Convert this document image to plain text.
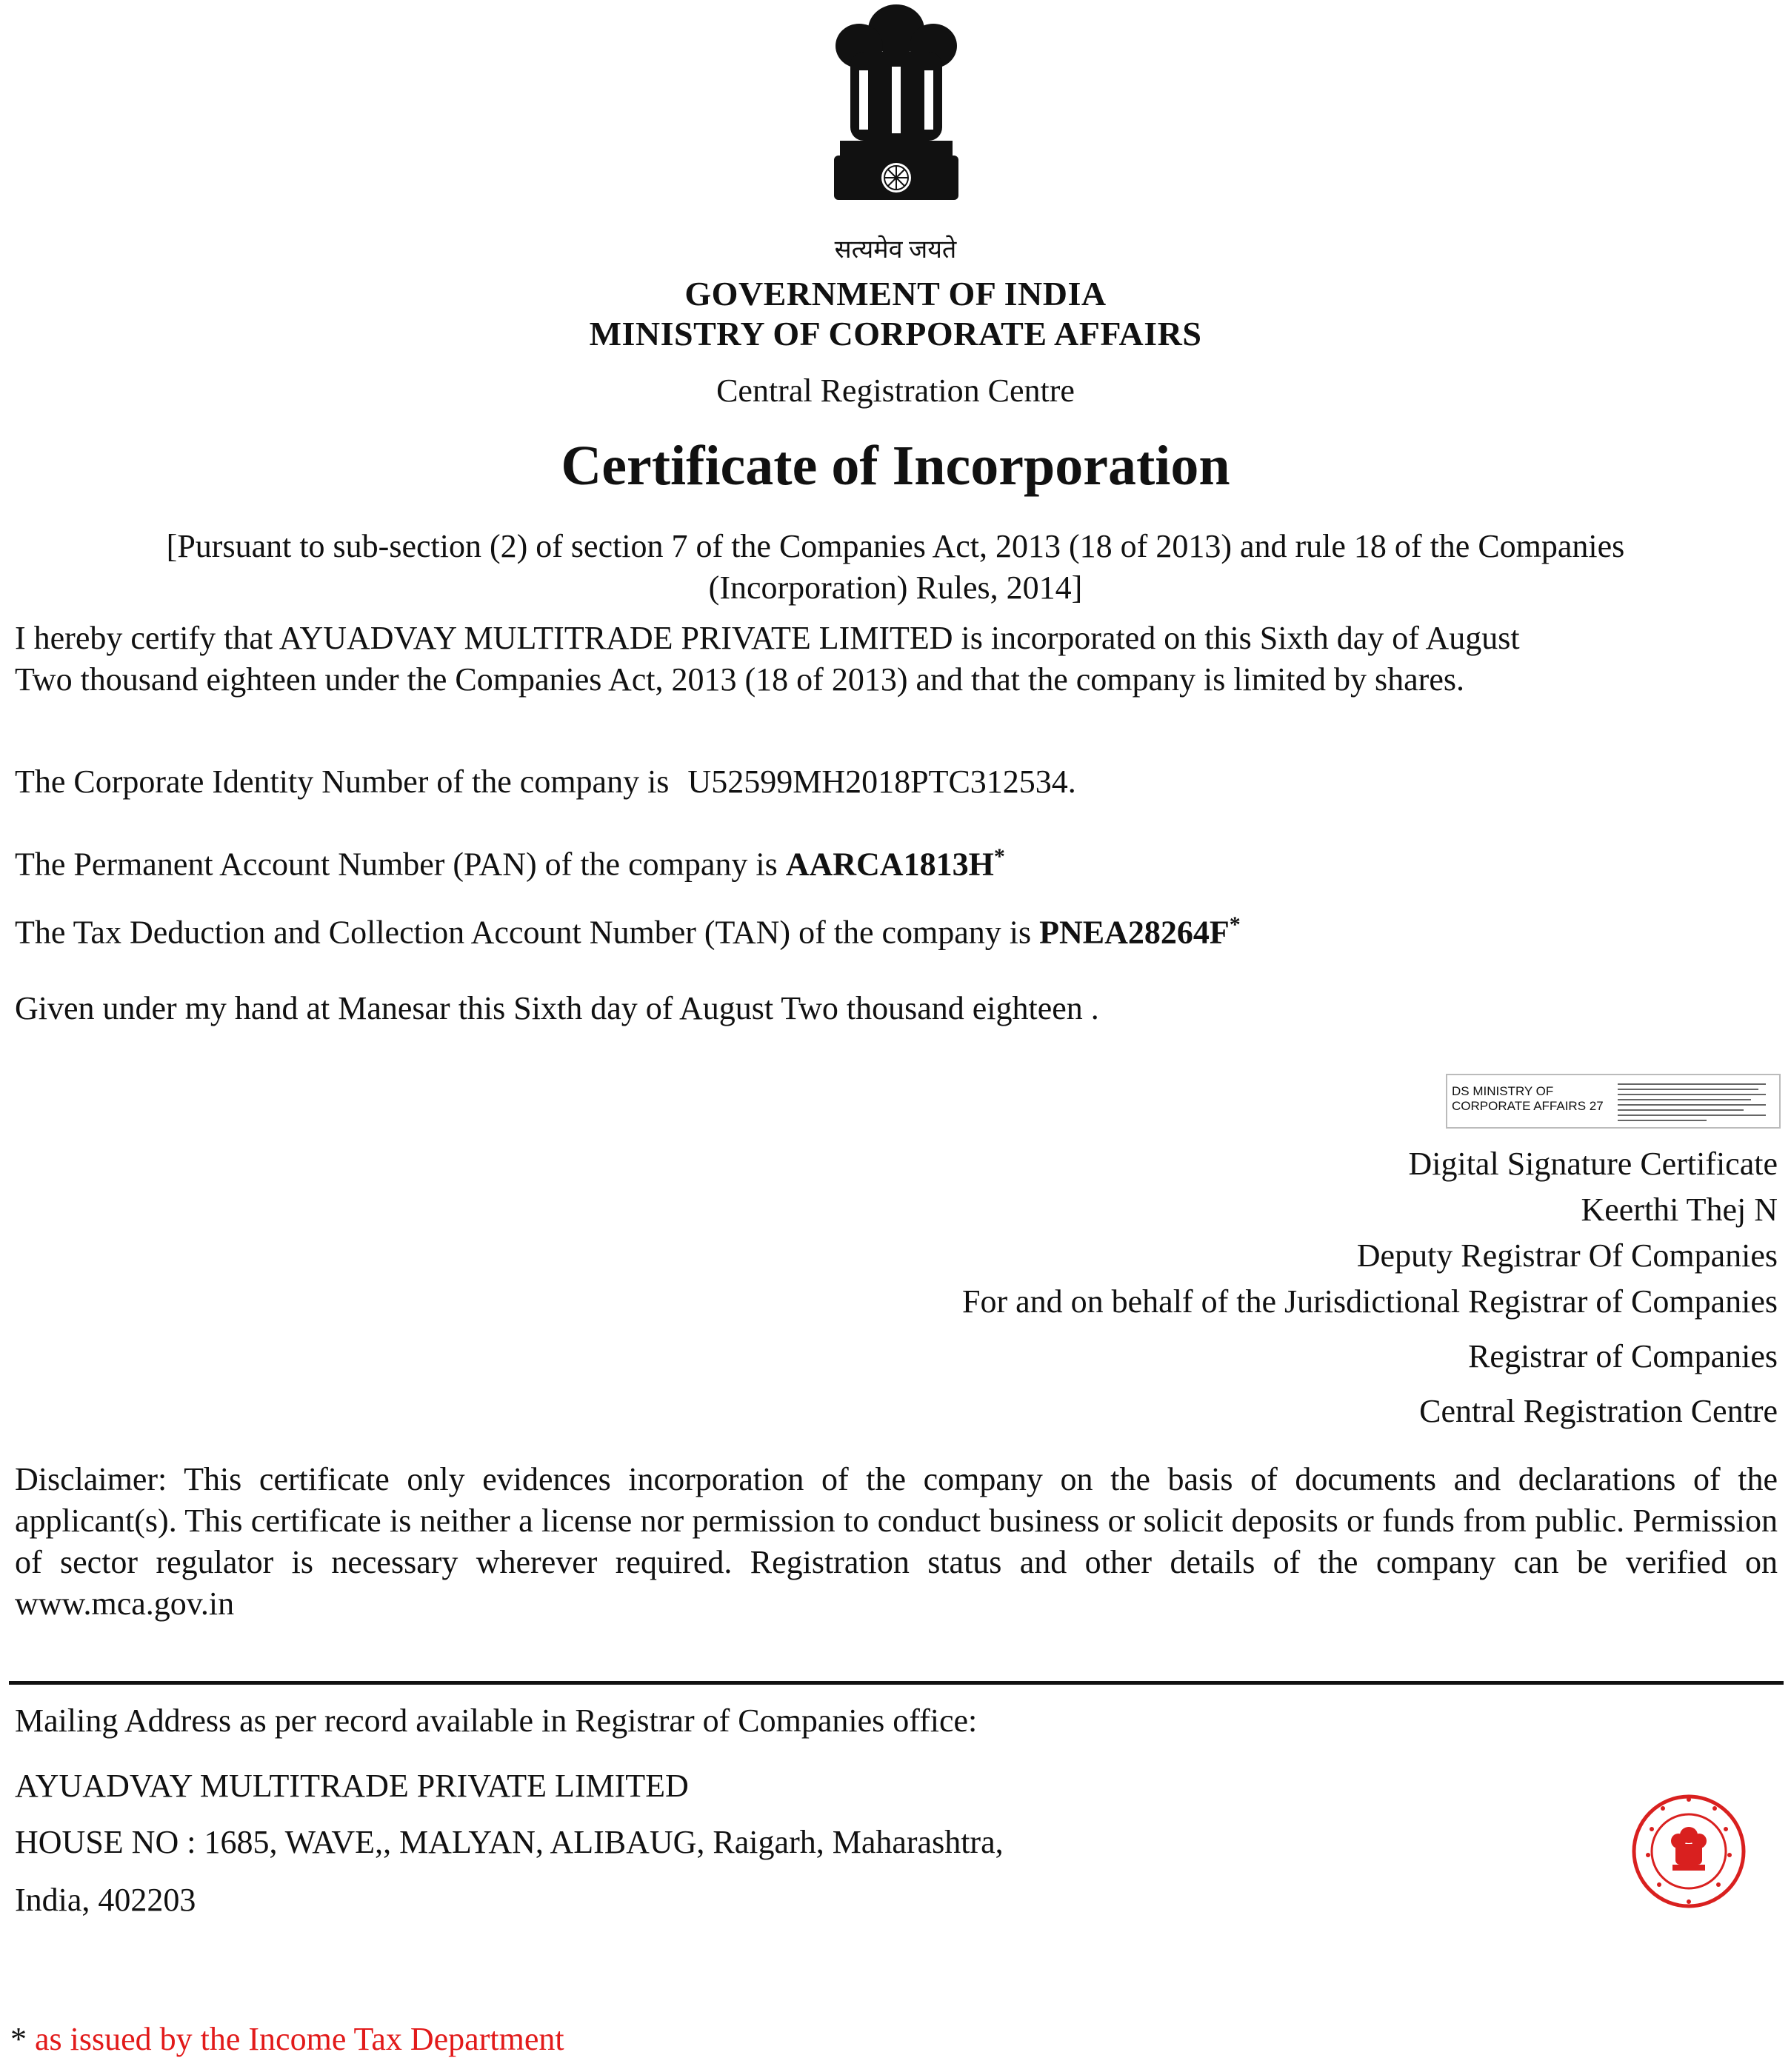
सत्यमेव जयते
GOVERNMENT OF INDIA
MINISTRY OF CORPORATE AFFAIRS
Central Registration Centre
Certificate of Incorporation
[Pursuant to sub-section (2) of section 7 of the Companies Act, 2013 (18 of 2013) and rule 18 of the Companies
(Incorporation) Rules, 2014]
I hereby certify that AYUADVAY MULTITRADE PRIVATE LIMITED is incorporated on this Sixth day of August
Two thousand eighteen under the Companies Act, 2013 (18 of 2013) and that the company is limited by shares.
The Corporate Identity Number of the company is U52599MH2018PTC312534.
The Permanent Account Number (PAN) of the company is AARCA1813H*
The Tax Deduction and Collection Account Number (TAN) of the company is PNEA28264F*
Given under my hand at Manesar this Sixth day of August Two thousand eighteen .
DS MINISTRY OF
CORPORATE AFFAIRS 27
Digital Signature Certificate
Keerthi Thej N
Deputy Registrar Of Companies
For and on behalf of the Jurisdictional Registrar of Companies
Registrar of Companies
Central Registration Centre
Disclaimer: This certificate only evidences incorporation of the company on the basis of documents and declarations of the applicant(s). This certificate is neither a license nor permission to conduct business or solicit deposits or funds from public. Permission of sector regulator is necessary wherever required. Registration status and other details of the company can be verified on www.mca.gov.in
Mailing Address as per record available in Registrar of Companies office:
AYUADVAY MULTITRADE PRIVATE LIMITED
HOUSE NO : 1685, WAVE,, MALYAN, ALIBAUG, Raigarh, Maharashtra,
India, 402203
* as issued by the Income Tax Department
